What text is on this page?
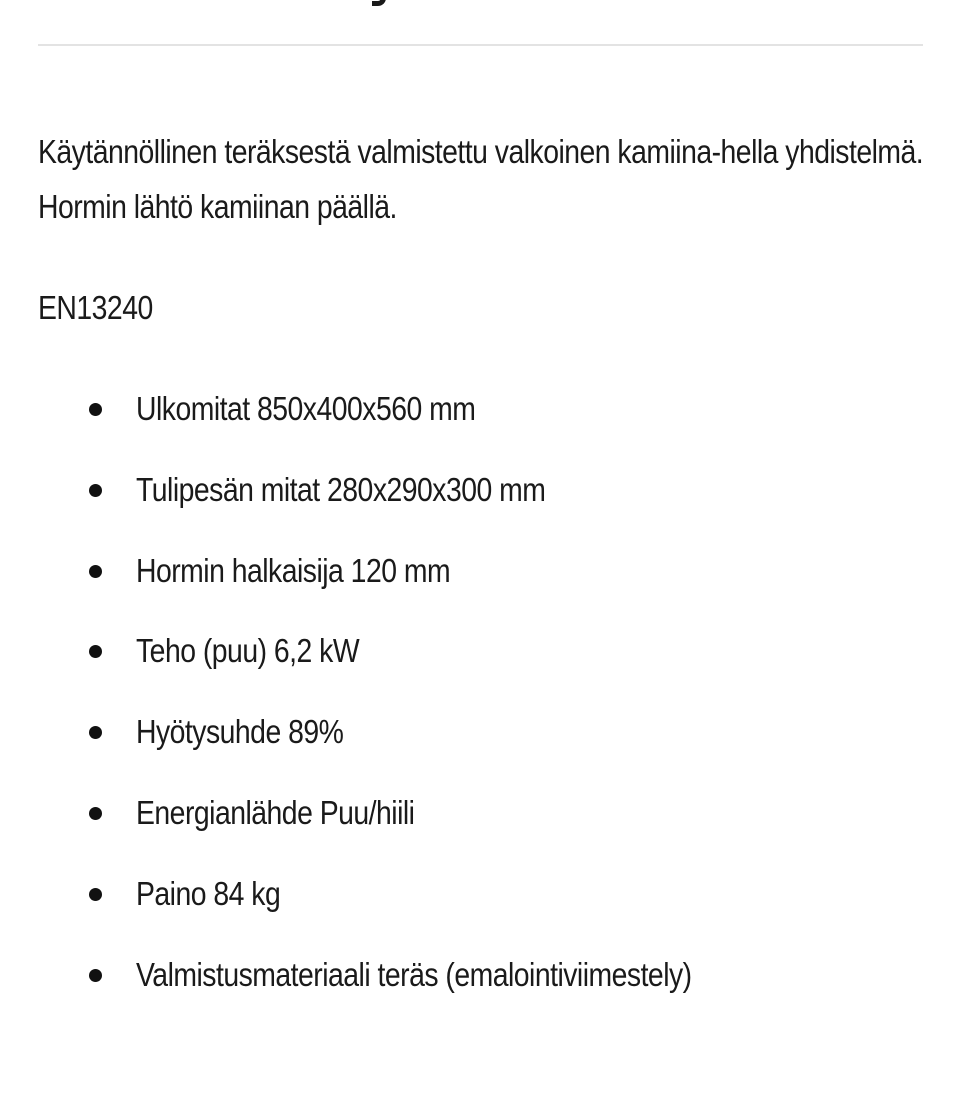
Käytännöllinen teräksestä valmistettu valkoinen kamiina-hella yhdistelmä. Hormin lähtö kamiinan päällä.

EN13240

Ulkomitat 850x400x560 mm
Tulipesän mitat 280x290x300 mm
Hormin halkaisija 120 mm
Teho (puu) 6,2 kW
Hyötysuhde 89%
Energianlähde Puu/hiili
Paino 84 kg
Valmistusmateriaali teräs (emalointiviimestely)
